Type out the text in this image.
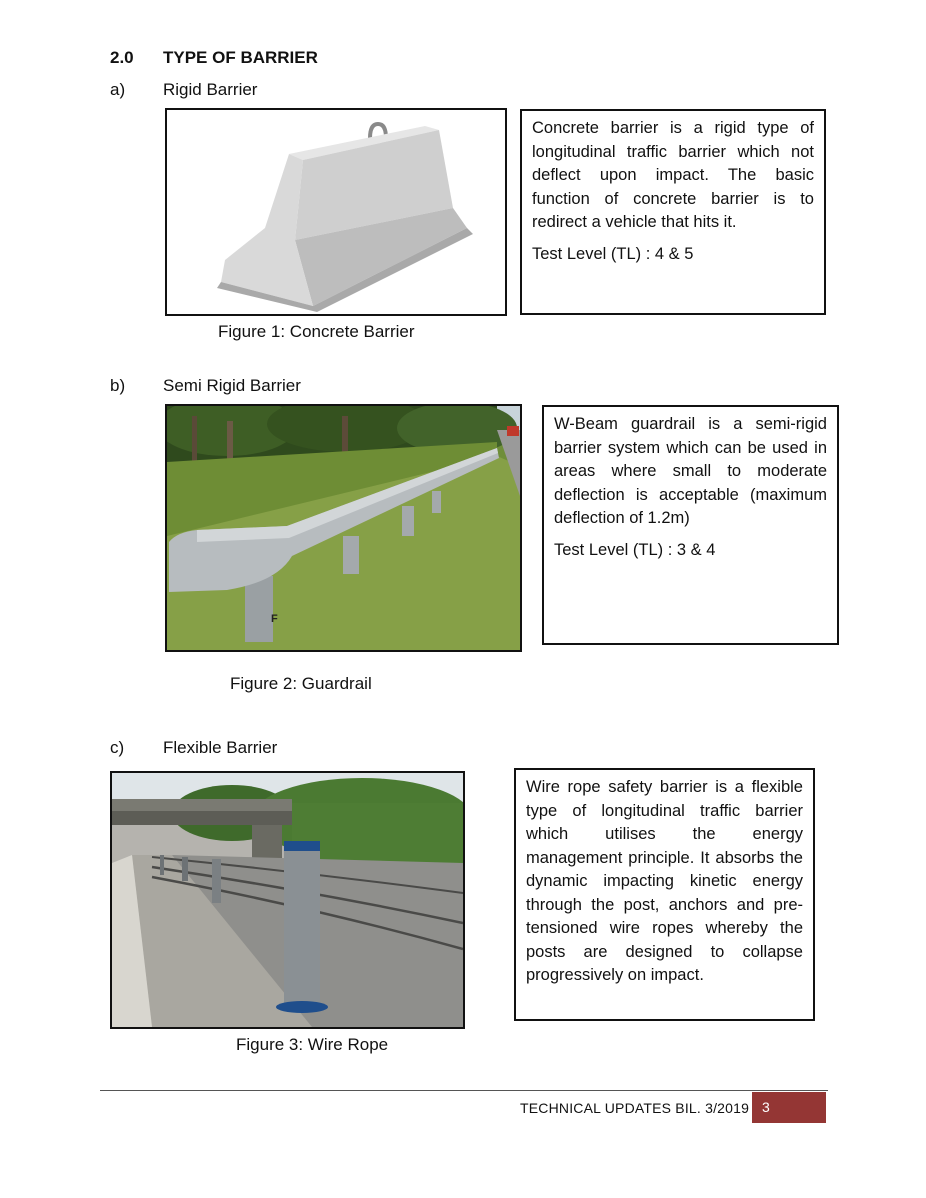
2.0 TYPE OF BARRIER
a) Rigid Barrier

Concrete barrier is a rigid type of longitudinal traffic barrier which not deflect upon impact. The basic function of concrete barrier is to redirect a vehicle that hits it.

Test Level (TL) : 4 & 5

Figure 1: Concrete Barrier
b) Semi Rigid Barrier
F

W-Beam guardrail is a semi-rigid barrier system which can be used in areas where small to moderate deflection is acceptable (maximum deflection of 1.2m)

Test Level (TL) : 3 & 4

Figure 2: Guardrail
c) Flexible Barrier

Wire rope safety barrier is a flexible type of longitudinal traffic barrier which utilises the energy management principle. It absorbs the dynamic impacting kinetic energy through the post, anchors and pre-tensioned wire ropes whereby the posts are designed to collapse progressively on impact.

Figure 3: Wire Rope
TECHNICAL UPDATES BIL. 3/2019 3
